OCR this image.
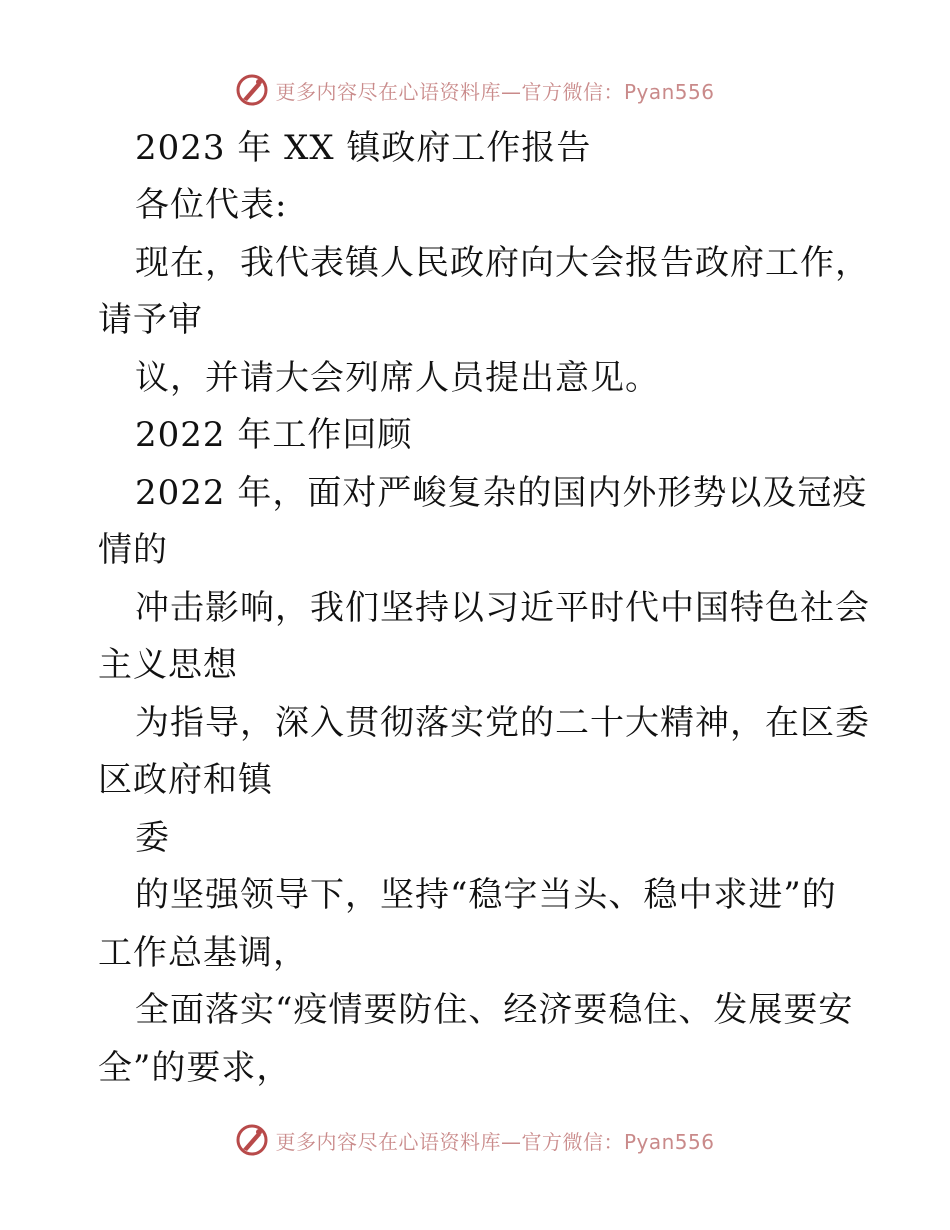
更多内容尽在心语资料库—官方微信：Pyan556
2023 年 XX 镇政府工作报告
各位代表:
现在，我代表镇人民政府向大会报告政府工作，
请予审
议，并请大会列席人员提出意见。
2022 年工作回顾
2022 年，面对严峻复杂的国内外形势以及冠疫
情的
冲击影响，我们坚持以习近平时代中国特色社会
主义思想
为指导，深入贯彻落实党的二十大精神，在区委
区政府和镇
委
的坚强领导下，坚持“稳字当头、稳中求进”的
工作总基调，
全面落实“疫情要防住、经济要稳住、发展要安
全”的要求，
更多内容尽在心语资料库—官方微信：Pyan556
